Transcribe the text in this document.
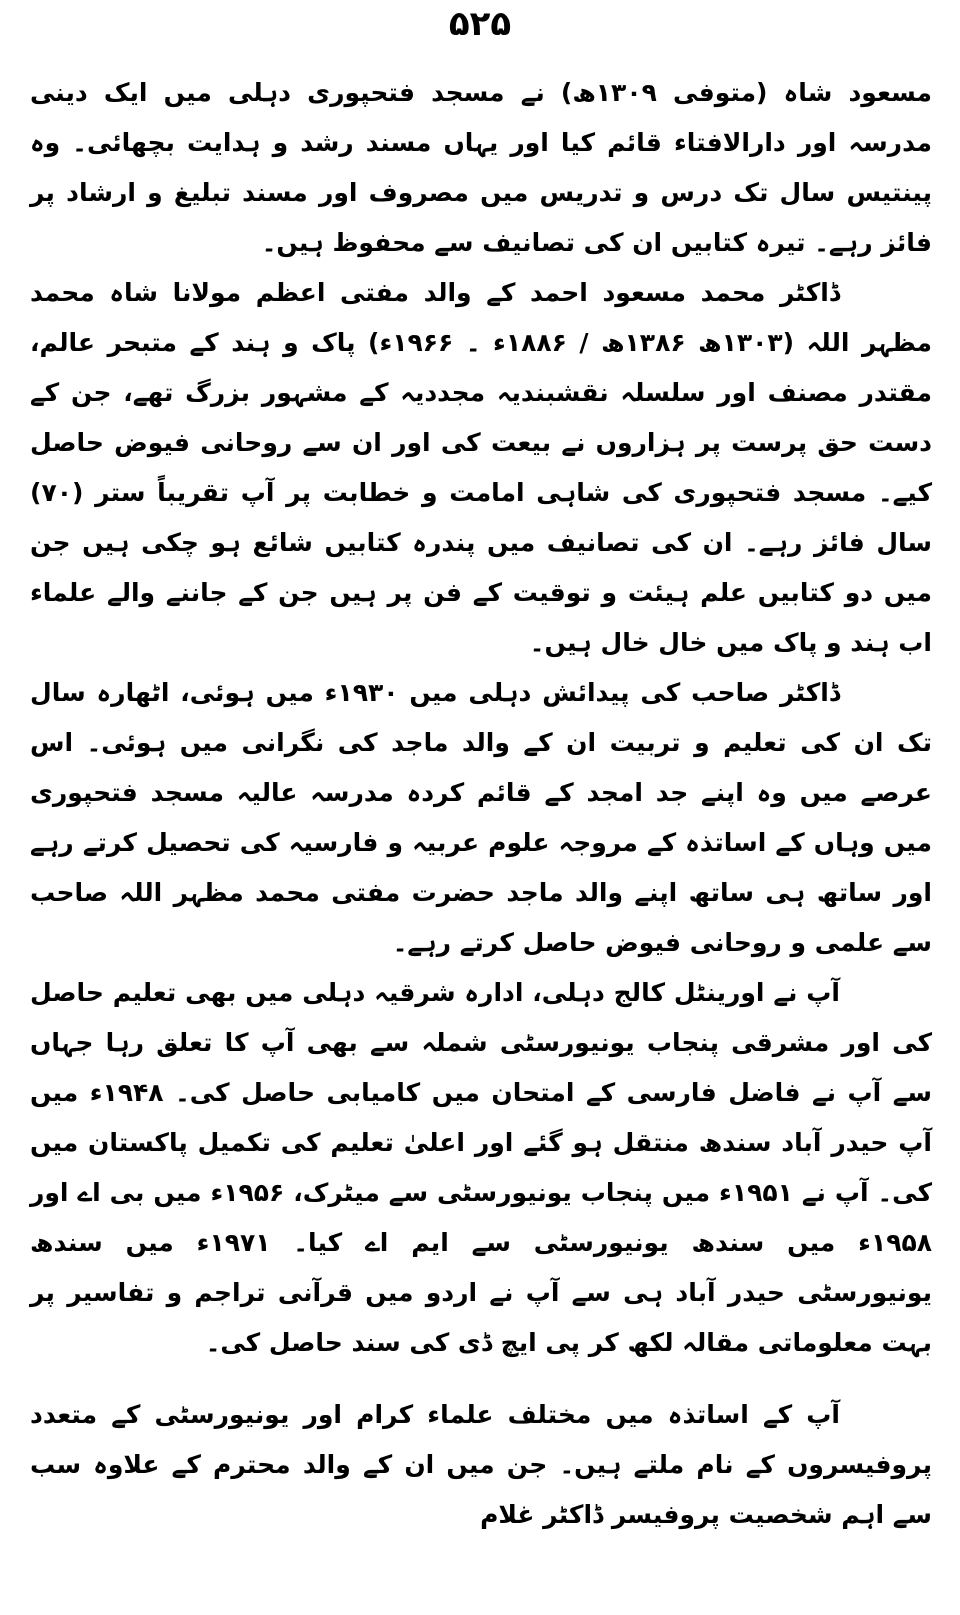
۵۲۵

مسعود شاہ (متوفی ۱۳۰۹ھ) نے مسجد فتحپوری دہلی میں ایک دینی مدرسہ اور دارالافتاء قائم کیا اور یہاں مسند رشد و ہدایت بچھائی۔ وہ پینتیس سال تک درس و تدریس میں مصروف اور مسند تبلیغ و ارشاد پر فائز رہے۔ تیرہ کتابیں ان کی تصانیف سے محفوظ ہیں۔

ڈاکٹر محمد مسعود احمد کے والد مفتی اعظم مولانا شاہ محمد مظہر اللہ (۱۳۰۳ھ ۱۳۸۶ھ / ۱۸۸۶ء ۔ ۱۹۶۶ء) پاک و ہند کے متبحر عالم، مقتدر مصنف اور سلسلہ نقشبندیہ مجددیہ کے مشہور بزرگ تھے، جن کے دست حق پرست پر ہزاروں نے بیعت کی اور ان سے روحانی فیوض حاصل کیے۔ مسجد فتحپوری کی شاہی امامت و خطابت پر آپ تقریباً ستر (۷۰) سال فائز رہے۔ ان کی تصانیف میں پندرہ کتابیں شائع ہو چکی ہیں جن میں دو کتابیں علم ہیئت و توقیت کے فن پر ہیں جن کے جاننے والے علماء اب ہند و پاک میں خال خال ہیں۔

ڈاکٹر صاحب کی پیدائش دہلی میں ۱۹۳۰ء میں ہوئی، اٹھارہ سال تک ان کی تعلیم و تربیت ان کے والد ماجد کی نگرانی میں ہوئی۔ اس عرصے میں وہ اپنے جد امجد کے قائم کردہ مدرسہ عالیہ مسجد فتحپوری میں وہاں کے اساتذہ کے مروجہ علوم عربیہ و فارسیہ کی تحصیل کرتے رہے اور ساتھ ہی ساتھ اپنے والد ماجد حضرت مفتی محمد مظہر اللہ صاحب سے علمی و روحانی فیوض حاصل کرتے رہے۔

آپ نے اورینٹل کالج دہلی، ادارہ شرقیہ دہلی میں بھی تعلیم حاصل کی اور مشرقی پنجاب یونیورسٹی شملہ سے بھی آپ کا تعلق رہا جہاں سے آپ نے فاضل فارسی کے امتحان میں کامیابی حاصل کی۔ ۱۹۴۸ء میں آپ حیدر آباد سندھ منتقل ہو گئے اور اعلیٰ تعلیم کی تکمیل پاکستان میں کی۔ آپ نے ۱۹۵۱ء میں پنجاب یونیورسٹی سے میٹرک، ۱۹۵۶ء میں بی اے اور ۱۹۵۸ء میں سندھ یونیورسٹی سے ایم اے کیا۔ ۱۹۷۱ء میں سندھ یونیورسٹی حیدر آباد ہی سے آپ نے اردو میں قرآنی تراجم و تفاسیر پر بہت معلوماتی مقالہ لکھ کر پی ایچ ڈی کی سند حاصل کی۔

آپ کے اساتذہ میں مختلف علماء کرام اور یونیورسٹی کے متعدد پروفیسروں کے نام ملتے ہیں۔ جن میں ان کے والد محترم کے علاوہ سب سے اہم شخصیت پروفیسر ڈاکٹر غلام
